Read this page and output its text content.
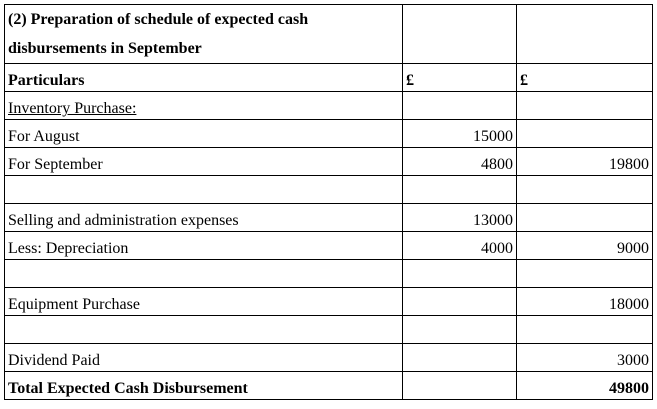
(2) Preparation of schedule of expected cash disbursements in September		
Particulars	£	£
Inventory Purchase:		
For August	15000	
For September	4800	19800

Selling and administration expenses	13000	
Less: Depreciation	4000	9000

Equipment Purchase		18000

Dividend Paid		3000
Total Expected Cash Disbursement		49800
